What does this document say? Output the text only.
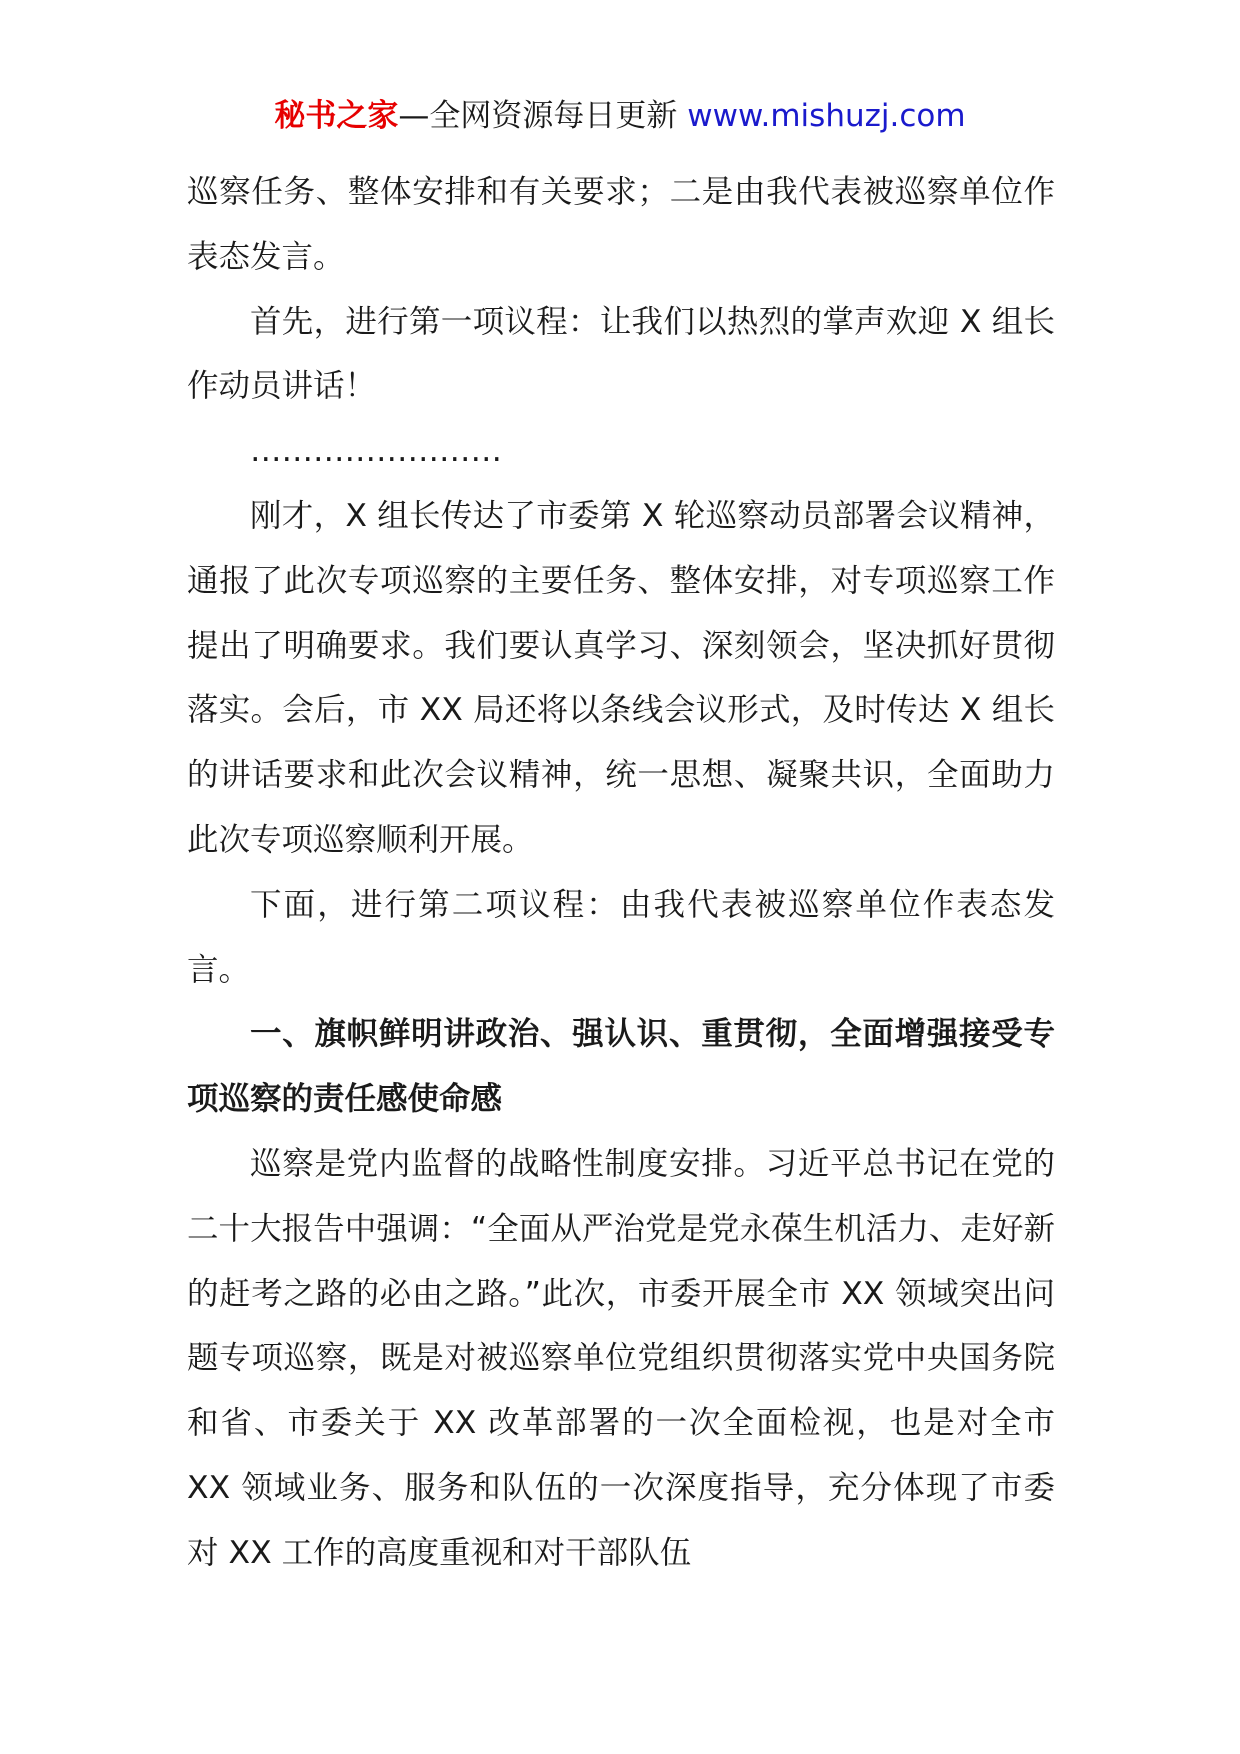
秘书之家—全网资源每日更新 www.mishuzj.com

巡察任务、整体安排和有关要求；二是由我代表被巡察单位作表态发言。

首先，进行第一项议程：让我们以热烈的掌声欢迎 X 组长作动员讲话！

……………………

刚才，X 组长传达了市委第 X 轮巡察动员部署会议精神，通报了此次专项巡察的主要任务、整体安排，对专项巡察工作提出了明确要求。我们要认真学习、深刻领会，坚决抓好贯彻落实。会后，市 XX 局还将以条线会议形式，及时传达 X 组长的讲话要求和此次会议精神，统一思想、凝聚共识，全面助力此次专项巡察顺利开展。

下面，进行第二项议程：由我代表被巡察单位作表态发言。

一、旗帜鲜明讲政治、强认识、重贯彻，全面增强接受专项巡察的责任感使命感

巡察是党内监督的战略性制度安排。习近平总书记在党的二十大报告中强调：“全面从严治党是党永葆生机活力、走好新的赶考之路的必由之路。”此次，市委开展全市 XX 领域突出问题专项巡察，既是对被巡察单位党组织贯彻落实党中央国务院和省、市委关于 XX 改革部署的一次全面检视，也是对全市 XX 领域业务、服务和队伍的一次深度指导，充分体现了市委对 XX 工作的高度重视和对干部队伍
